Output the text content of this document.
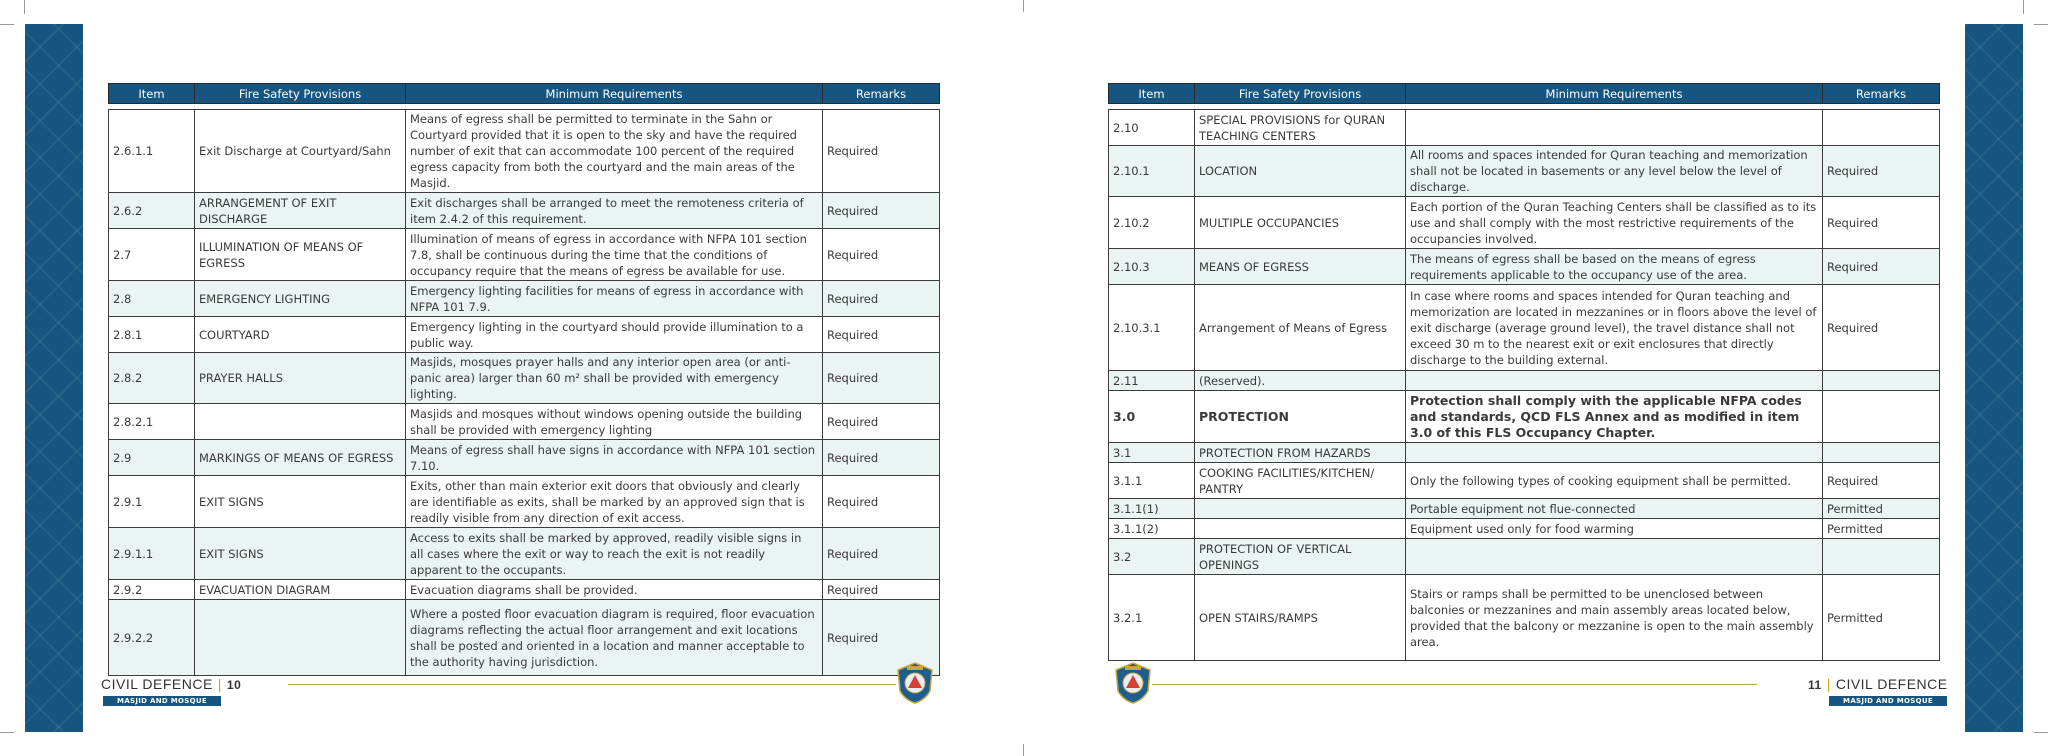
Item	Fire Safety Provisions	Minimum Requirements	Remarks

2.6.1.1	Exit Discharge at Courtyard/Sahn	Means of egress shall be permitted to terminate in the Sahn or Courtyard provided that it is open to the sky and have the required number of exit that can accommodate 100 percent of the required egress capacity from both the courtyard and the main areas of the Masjid.	Required
2.6.2	ARRANGEMENT OF EXIT DISCHARGE	Exit discharges shall be arranged to meet the remoteness criteria of item 2.4.2 of this requirement.	Required
2.7	ILLUMINATION OF MEANS OF EGRESS	Illumination of means of egress in accordance with NFPA 101 section 7.8, shall be continuous during the time that the conditions of occupancy require that the means of egress be available for use.	Required
2.8	EMERGENCY LIGHTING	Emergency lighting facilities for means of egress in accordance with NFPA 101 7.9.	Required
2.8.1	COURTYARD	Emergency lighting in the courtyard should provide illumination to a public way.	Required
2.8.2	PRAYER HALLS	Masjids, mosques prayer halls and any interior open area (or anti-panic area) larger than 60 m² shall be provided with emergency lighting.	Required
2.8.2.1		Masjids and mosques without windows opening outside the building shall be provided with emergency lighting	Required
2.9	MARKINGS OF MEANS OF EGRESS	Means of egress shall have signs in accordance with NFPA 101 section 7.10.	Required
2.9.1	EXIT SIGNS	Exits, other than main exterior exit doors that obviously and clearly are identifiable as exits, shall be marked by an approved sign that is readily visible from any direction of exit access.	Required
2.9.1.1	EXIT SIGNS	Access to exits shall be marked by approved, readily visible signs in all cases where the exit or way to reach the exit is not readily apparent to the occupants.	Required
2.9.2	EVACUATION DIAGRAM	Evacuation diagrams shall be provided.	Required
2.9.2.2		Where a posted floor evacuation diagram is required, floor evacuation diagrams reflecting the actual floor arrangement and exit locations shall be posted and oriented in a location and manner acceptable to the authority having jurisdiction.	Required
Item	Fire Safety Provisions	Minimum Requirements	Remarks

2.10	SPECIAL PROVISIONS for QURAN TEACHING CENTERS		
2.10.1	LOCATION	All rooms and spaces intended for Quran teaching and memorization shall not be located in basements or any level below the level of discharge.	Required
2.10.2	MULTIPLE OCCUPANCIES	Each portion of the Quran Teaching Centers shall be classified as to its use and shall comply with the most restrictive requirements of the occupancies involved.	Required
2.10.3	MEANS OF EGRESS	The means of egress shall be based on the means of egress requirements applicable to the occupancy use of the area.	Required
2.10.3.1	Arrangement of Means of Egress	In case where rooms and spaces intended for Quran teaching and memorization are located in mezzanines or in floors above the level of exit discharge (average ground level), the travel distance shall not exceed 30 m to the nearest exit or exit enclosures that directly discharge to the building external.	Required
2.11	(Reserved).		
3.0	PROTECTION	Protection shall comply with the applicable NFPA codes and standards, QCD FLS Annex and as modified in item 3.0 of this FLS Occupancy Chapter.	
3.1	PROTECTION FROM HAZARDS		
3.1.1	COOKING FACILITIES/KITCHEN/ PANTRY	Only the following types of cooking equipment shall be permitted.	Required
3.1.1(1)		Portable equipment not flue-connected	Permitted
3.1.1(2)		Equipment used only for food warming	Permitted
3.2	PROTECTION OF VERTICAL OPENINGS		
3.2.1	OPEN STAIRS/RAMPS	Stairs or ramps shall be permitted to be unenclosed between balconies or mezzanines and main assembly areas located below, provided that the balcony or mezzanine is open to the main assembly area.	Permitted
CIVIL DEFENCE | 10
MASJID AND MOSQUE
11 | CIVIL DEFENCE
MASJID AND MOSQUE
